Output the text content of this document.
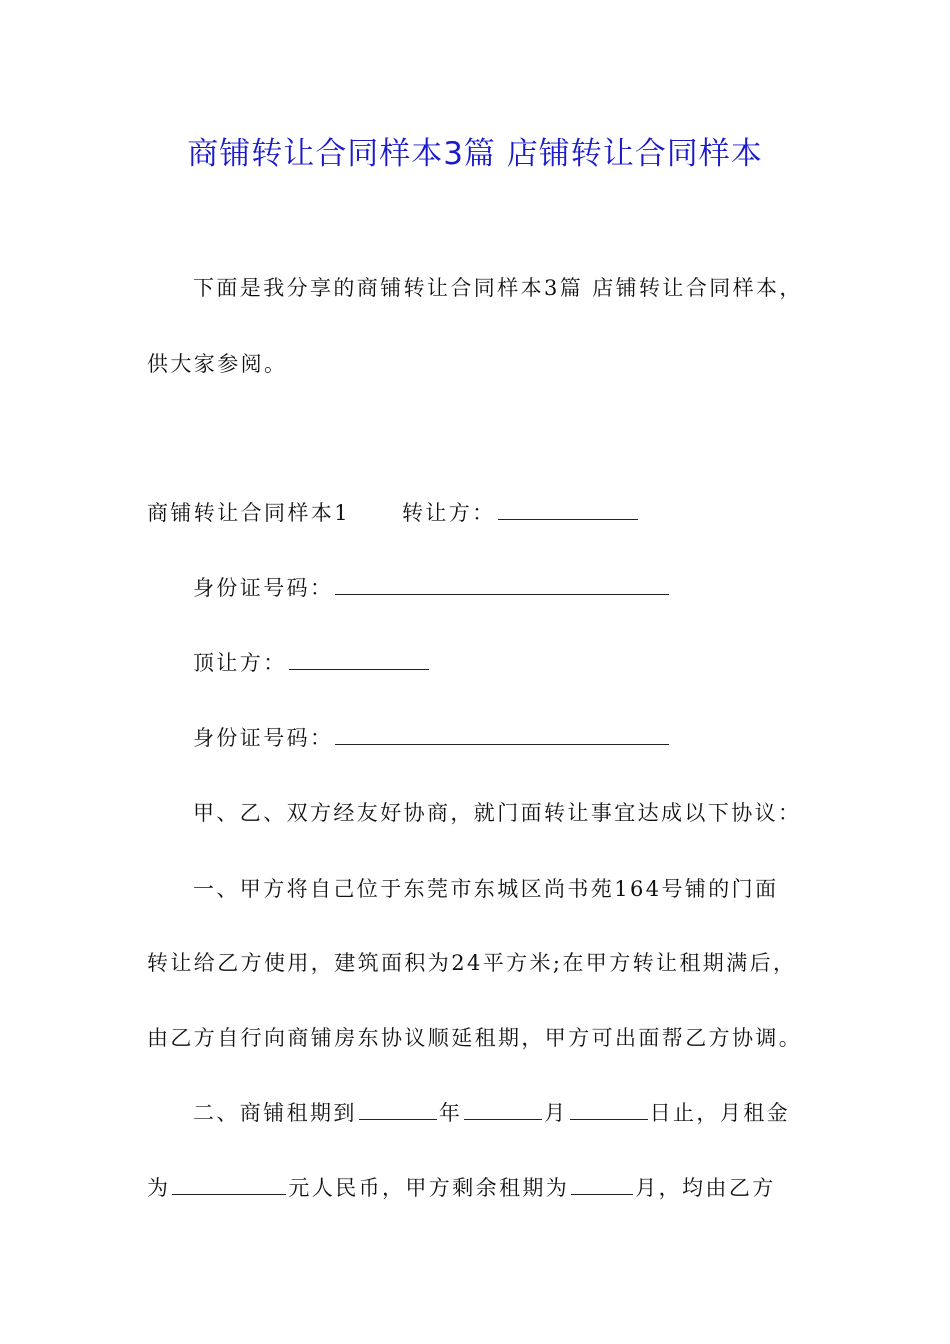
商铺转让合同样本3篇 店铺转让合同样本
下面是我分享的商铺转让合同样本3篇 店铺转让合同样本，
供大家参阅。
商铺转让合同样本1 转让方：
身份证号码：
顶让方：
身份证号码：
甲、乙、双方经友好协商，就门面转让事宜达成以下协议：
一、甲方将自己位于东莞市东城区尚书苑164号铺的门面
转让给乙方使用，建筑面积为24平方米;在甲方转让租期满后，
由乙方自行向商铺房东协议顺延租期，甲方可出面帮乙方协调。
二、商铺租期到	年	月	日止，月租金
为	元人民币，甲方剩余租期为	月，均由乙方
